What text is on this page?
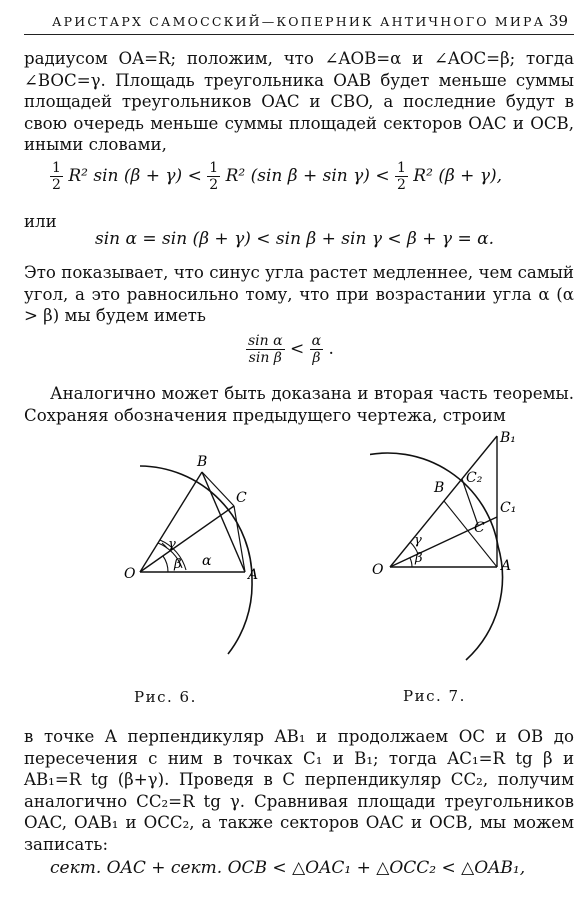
АРИСТАРХ САМОССКИЙ—КОПЕРНИК АНТИЧНОГО МИРА 39
радиусом OA=R; положим, что ∠AOB=α и ∠AOC=β; тогда ∠BOC=γ. Площадь треугольника OAB будет меньше суммы площадей треугольников OAC и CBO, а последние будут в свою очередь меньше суммы площадей секторов OAC и OCB, иными словами,
$\frac{1}{2} R^2$ $\sin (\beta + \gamma) < \frac{1}{2} R^2$ (sin $\beta + \sin \gamma) < \frac{1}{2} R^2$ (β + γ),
или
sin α = sin (β + γ) < sin β + sin γ < β + γ = α.
Это показывает, что синус угла растет медленнее, чем самый угол, а это равносильно тому, что при возрастании угла α (α > β) мы будем иметь
$\frac{\text{sin α}}{\text{sin β}} < \frac{\alpha}{\beta}$ .
Аналогично может быть доказана и вторая часть теоремы. Сохраняя обозначения предыдущего чертежа, строим
O	A
B
C
α
β
γ
Рис. 6.
O	A
B
C
B₁
C₁
C₂
β
γ
Рис. 7.
в точке A перпендикуляр AB₁ и продолжаем OC и OB до пересечения с ним в точках C₁ и B₁; тогда AC₁=R tg β и AB₁=R tg (β+γ). Проведя в C перпендикуляр CC₂, получим аналогично CC₂=R tg γ. Сравнивая площади треугольников OAC, OAB₁ и OCC₂, а также секторов OAC и OCB, мы можем записать:
сект. OAC + сект. OCB < △OAC₁ + △OCC₂ < △OAB₁,
